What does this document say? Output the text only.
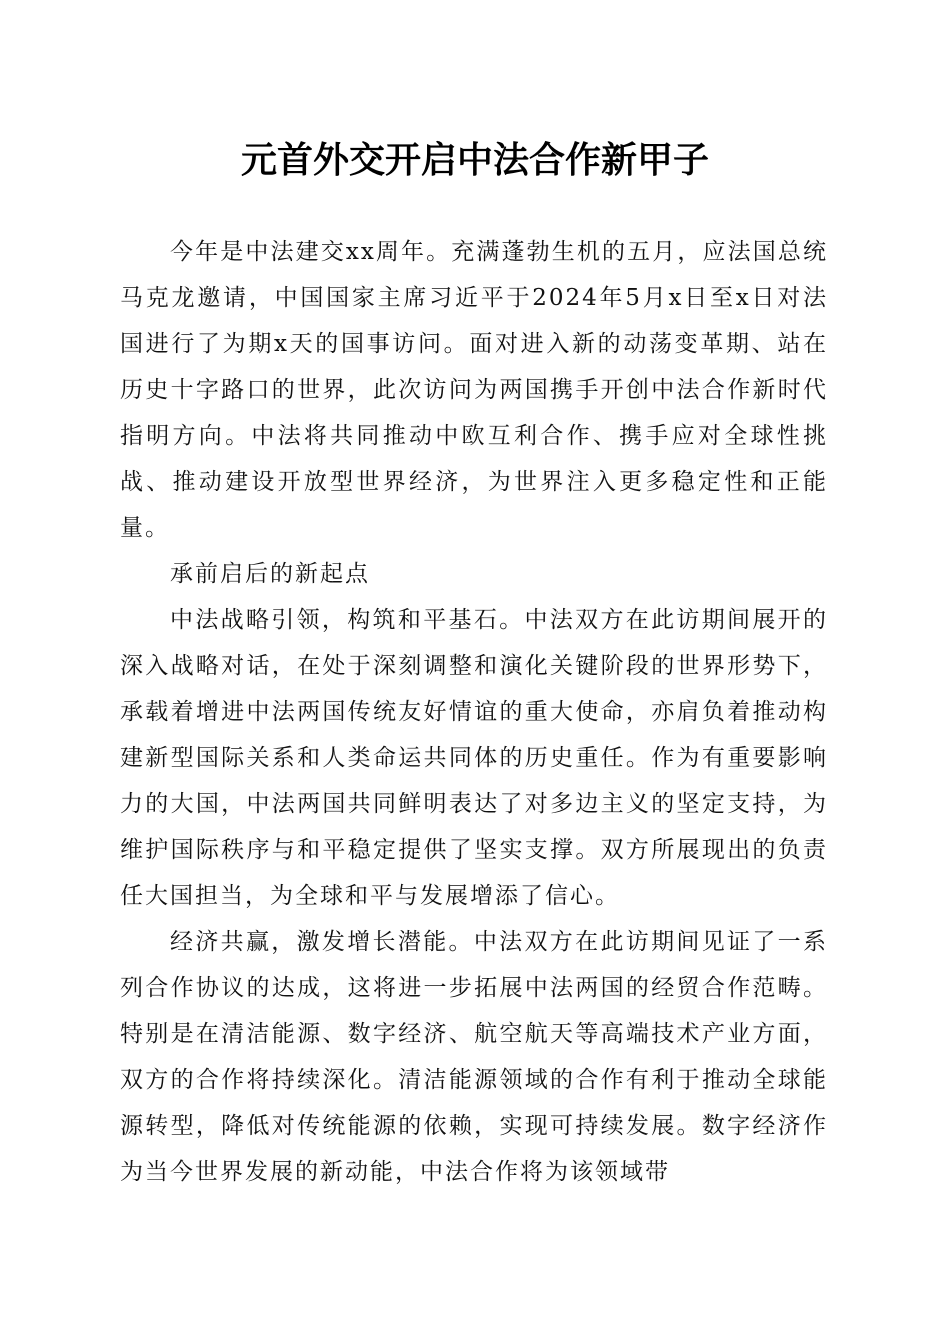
元首外交开启中法合作新甲子

今年是中法建交xx周年。充满蓬勃生机的五月，应法国总统马克龙邀请，中国国家主席习近平于2024年5月x日至x日对法国进行了为期x天的国事访问。面对进入新的动荡变革期、站在历史十字路口的世界，此次访问为两国携手开创中法合作新时代指明方向。中法将共同推动中欧互利合作、携手应对全球性挑战、推动建设开放型世界经济，为世界注入更多稳定性和正能量。

承前启后的新起点

中法战略引领，构筑和平基石。中法双方在此访期间展开的深入战略对话，在处于深刻调整和演化关键阶段的世界形势下，承载着增进中法两国传统友好情谊的重大使命，亦肩负着推动构建新型国际关系和人类命运共同体的历史重任。作为有重要影响力的大国，中法两国共同鲜明表达了对多边主义的坚定支持，为维护国际秩序与和平稳定提供了坚实支撑。双方所展现出的负责任大国担当，为全球和平与发展增添了信心。

经济共赢，激发增长潜能。中法双方在此访期间见证了一系列合作协议的达成，这将进一步拓展中法两国的经贸合作范畴。特别是在清洁能源、数字经济、航空航天等高端技术产业方面，双方的合作将持续深化。清洁能源领域的合作有利于推动全球能源转型，降低对传统能源的依赖，实现可持续发展。数字经济作为当今世界发展的新动能，中法合作将为该领域带
